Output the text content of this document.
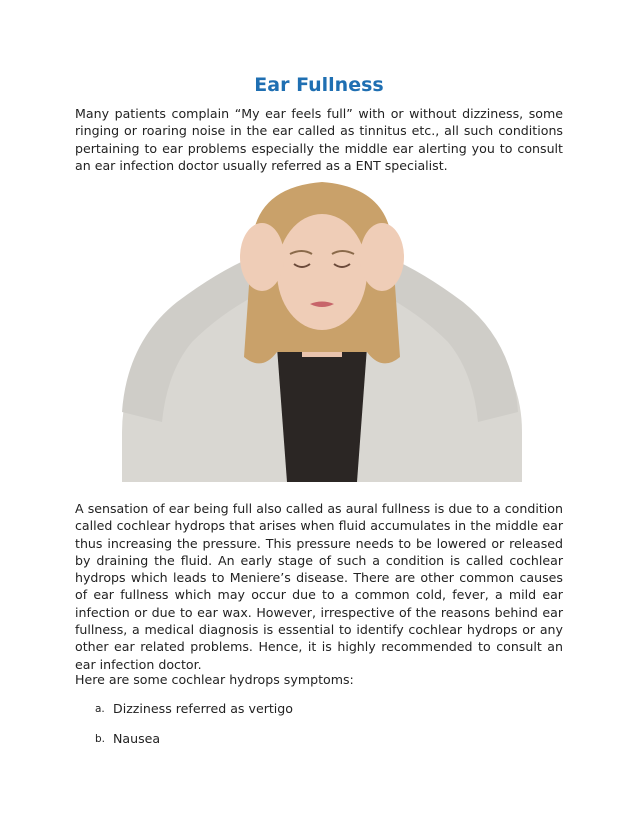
Ear Fullness

Many patients complain “My ear feels full” with or without dizziness, some ringing or roaring noise in the ear called as tinnitus etc., all such conditions pertaining to ear problems especially the middle ear alerting you to consult an ear infection doctor usually referred as a ENT specialist.

A sensation of ear being full also called as aural fullness is due to a condition called cochlear hydrops that arises when fluid accumulates in the middle ear thus increasing the pressure. This pressure needs to be lowered or released by draining the fluid. An early stage of such a condition is called cochlear hydrops which leads to Meniere’s disease. There are other common causes of ear fullness which may occur due to a common cold, fever, a mild ear infection or due to ear wax. However, irrespective of the reasons behind ear fullness, a medical diagnosis is essential to identify cochlear hydrops or any other ear related problems. Hence, it is highly recommended to consult an ear infection doctor.

Here are some cochlear hydrops symptoms:

a. Dizziness referred as vertigo
b. Nausea
